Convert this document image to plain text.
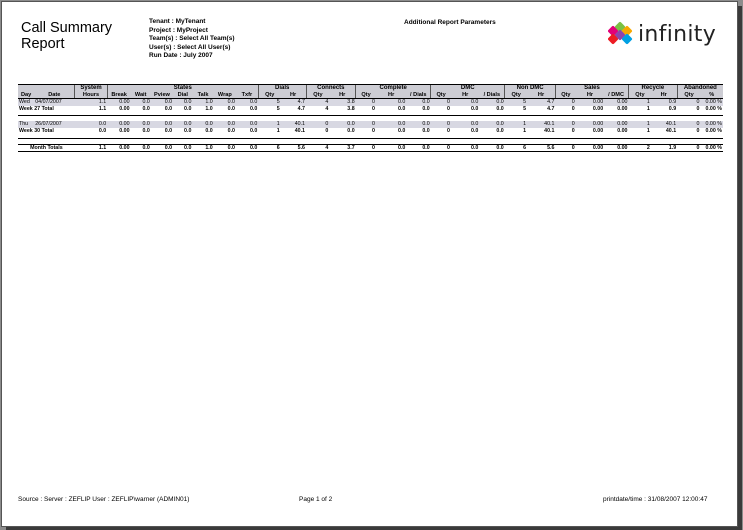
Call Summary
Report
Tenant : MyTenant
Project : MyProject
Team(s) : Select All Team(s)
User(s) : Select All User(s)
Run Date : July 2007
Additional Report Parameters	infinity
		System	States							Dials		Connects		Complete			DMC			Non DMC		Sales			Recycle		Abandoned	
Day	Date	Hours	Break	Wait	Pview	Dial	Talk	Wrap	Txfr	Qty	Hr	Qty	Hr	Qty	Hr	/ Dials	Qty	Hr	/ Dials	Qty	Hr	Qty	Hr	/ DMC	Qty	Hr	Qty	%
Wed	04/07/2007	1.1	0.00	0.0	0.0	0.0	1.0	0.0	0.0	5	4.7	4	3.8	0	0.0	0.0	0	0.0	0.0	5	4.7	0	0.00	0.00	1	0.9	0	0.00 %
Week 27 Total		1.1	0.00	0.0	0.0	0.0	1.0	0.0	0.0	5	4.7	4	3.8	0	0.0	0.0	0	0.0	0.0	5	4.7	0	0.00	0.00	1	0.9	0	0.00 %

Thu	26/07/2007	0.0	0.00	0.0	0.0	0.0	0.0	0.0	0.0	1	40.1	0	0.0	0	0.0	0.0	0	0.0	0.0	1	40.1	0	0.00	0.00	1	40.1	0	0.00 %
Week 30 Total		0.0	0.00	0.0	0.0	0.0	0.0	0.0	0.0	1	40.1	0	0.0	0	0.0	0.0	0	0.0	0.0	1	40.1	0	0.00	0.00	1	40.1	0	0.00 %

Month Totals		1.1	0.00	0.0	0.0	0.0	1.0	0.0	0.0	6	5.6	4	3.7	0	0.0	0.0	0	0.0	0.0	6	5.6	0	0.00	0.00	2	1.9	0	0.00 %
Source : Server : ZEFLIP User : ZEFLIP\warner (ADMIN01)	Page 1 of 2	printdate/time : 31/08/2007 12:00:47
